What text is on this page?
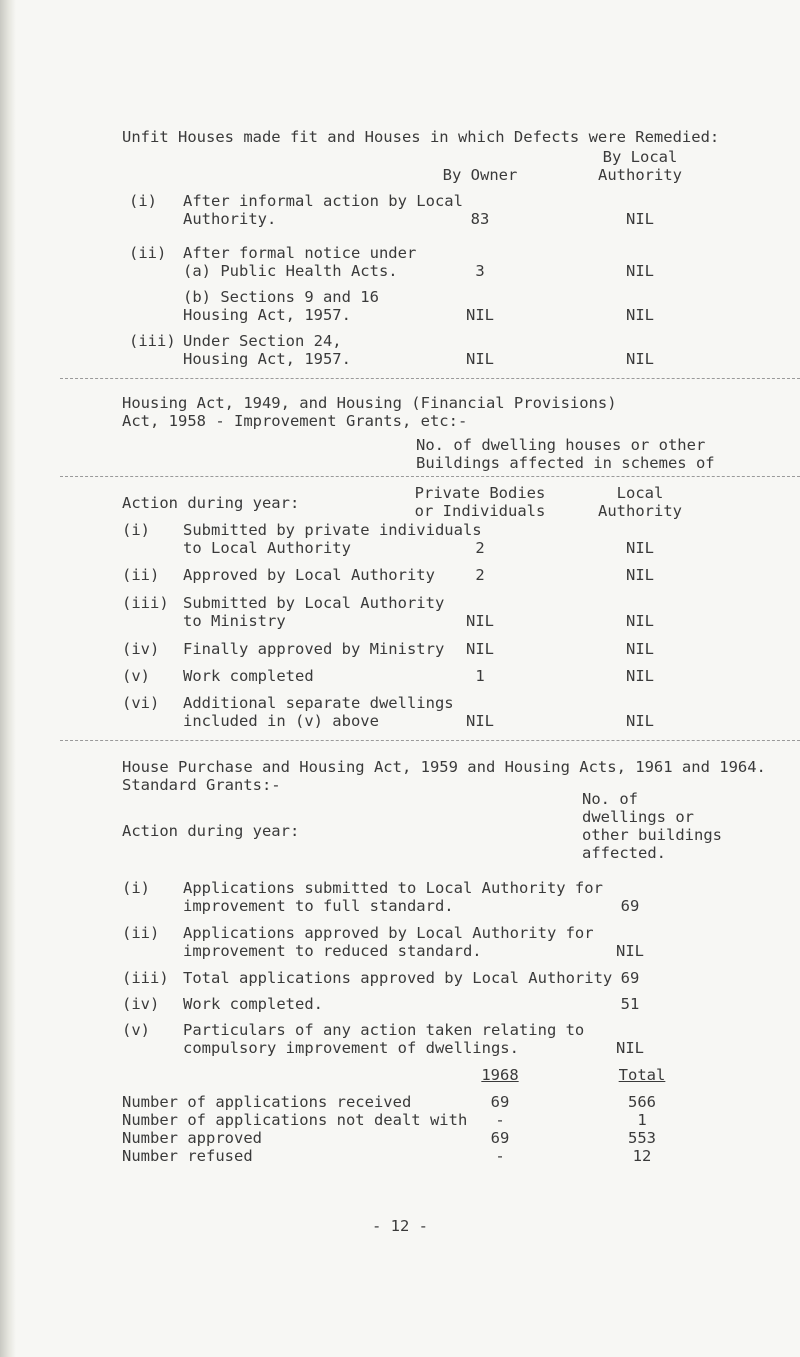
Unfit Houses made fit and Houses in which Defects were Remedied:
By Local
By Owner	Authority
(i) After informal action by Local
Authority.	83	NIL
(ii) After formal notice under
(a) Public Health Acts.	3	NIL
(b) Sections 9 and 16
Housing Act, 1957.	NIL	NIL
(iii) Under Section 24,
Housing Act, 1957.	NIL	NIL
Housing Act, 1949, and Housing (Financial Provisions)
Act, 1958 - Improvement Grants, etc:-
No. of dwelling houses or other
Buildings affected in schemes of
Action during year:
Private Bodies
or Individuals
Local
Authority
(i) Submitted by private individuals
to Local Authority	2	NIL
(ii) Approved by Local Authority	2	NIL
(iii) Submitted by Local Authority
to Ministry	NIL	NIL
(iv) Finally approved by Ministry	NIL	NIL
(v) Work completed	1	NIL
(vi) Additional separate dwellings
included in (v) above	NIL	NIL
House Purchase and Housing Act, 1959 and Housing Acts, 1961 and 1964.
Standard Grants:-
Action during year:
No. of
dwellings or
other buildings
affected.
(i) Applications submitted to Local Authority for
improvement to full standard.	69
(ii) Applications approved by Local Authority for
improvement to reduced standard.	NIL
(iii) Total applications approved by Local Authority 69
(iv) Work completed.	51
(v) Particulars of any action taken relating to
compulsory improvement of dwellings.	NIL
1968	Total
Number of applications received	69	566
Number of applications not dealt with	-	1
Number approved	69	553
Number refused	-	12
- 12 -
